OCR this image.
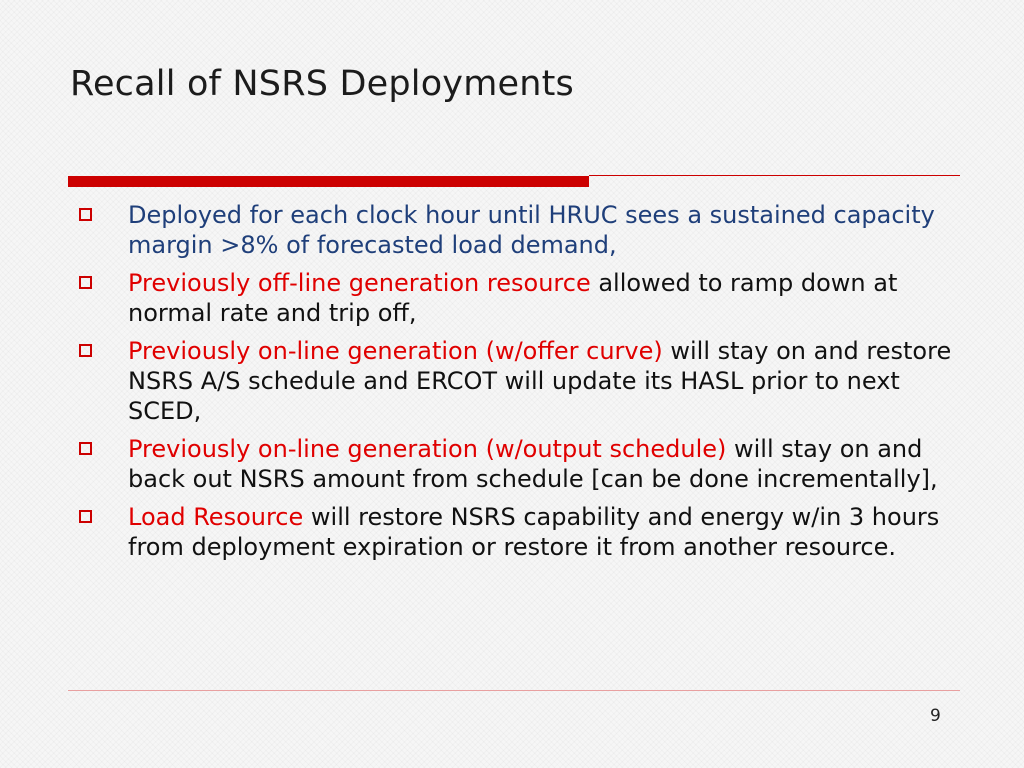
Recall of NSRS Deployments
Deployed for each clock hour until HRUC sees a sustained capacity margin >8% of forecasted load demand,
Previously off-line generation resource allowed to ramp down at normal rate and trip off,
Previously on-line generation (w/offer curve) will stay on and restore NSRS A/S schedule and ERCOT will update its HASL prior to next SCED,
Previously on-line generation (w/output schedule) will stay on and back out NSRS amount from schedule [can be done incrementally],
Load Resource will restore NSRS capability and energy w/in 3 hours from deployment expiration or restore it from another resource.
9
